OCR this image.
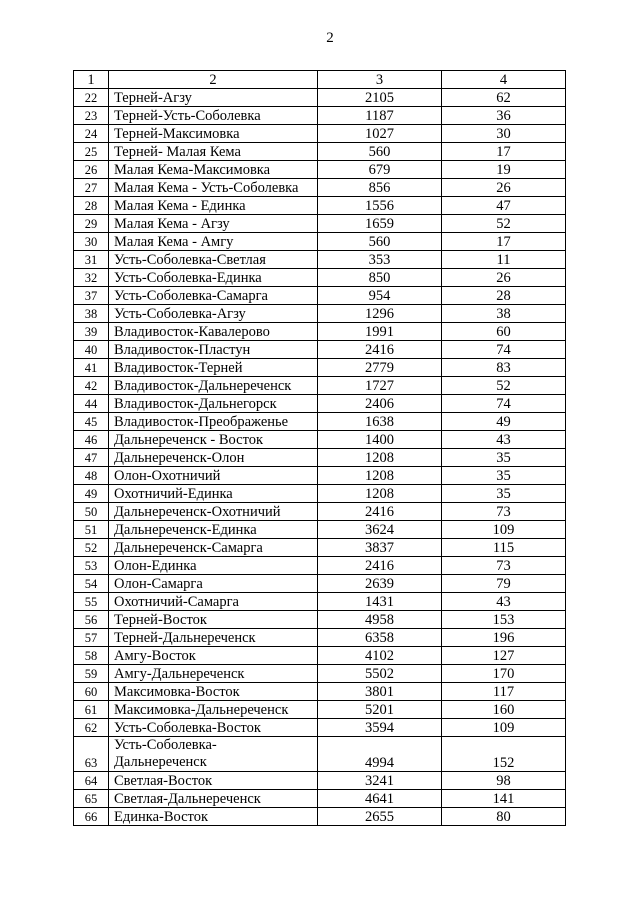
2
1	2	3	4
22	Терней-Агзу	2105	62
23	Терней-Усть-Соболевка	1187	36
24	Терней-Максимовка	1027	30
25	Терней- Малая Кема	560	17
26	Малая Кема-Максимовка	679	19
27	Малая Кема - Усть-Соболевка	856	26
28	Малая Кема - Единка	1556	47
29	Малая Кема - Агзу	1659	52
30	Малая Кема - Амгу	560	17
31	Усть-Соболевка-Светлая	353	11
32	Усть-Соболевка-Единка	850	26
37	Усть-Соболевка-Самарга	954	28
38	Усть-Соболевка-Агзу	1296	38
39	Владивосток-Кавалерово	1991	60
40	Владивосток-Пластун	2416	74
41	Владивосток-Терней	2779	83
42	Владивосток-Дальнереченск	1727	52
44	Владивосток-Дальнегорск	2406	74
45	Владивосток-Преображенье	1638	49
46	Дальнереченск - Восток	1400	43
47	Дальнереченск-Олон	1208	35
48	Олон-Охотничий	1208	35
49	Охотничий-Единка	1208	35
50	Дальнереченск-Охотничий	2416	73
51	Дальнереченск-Единка	3624	109
52	Дальнереченск-Самарга	3837	115
53	Олон-Единка	2416	73
54	Олон-Самарга	2639	79
55	Охотничий-Самарга	1431	43
56	Терней-Восток	4958	153
57	Терней-Дальнереченск	6358	196
58	Амгу-Восток	4102	127
59	Амгу-Дальнереченск	5502	170
60	Максимовка-Восток	3801	117
61	Максимовка-Дальнереченск	5201	160
62	Усть-Соболевка-Восток	3594	109
63	Усть-Соболевка-
Дальнереченск	4994	152
64	Светлая-Восток	3241	98
65	Светлая-Дальнереченск	4641	141
66	Единка-Восток	2655	80
